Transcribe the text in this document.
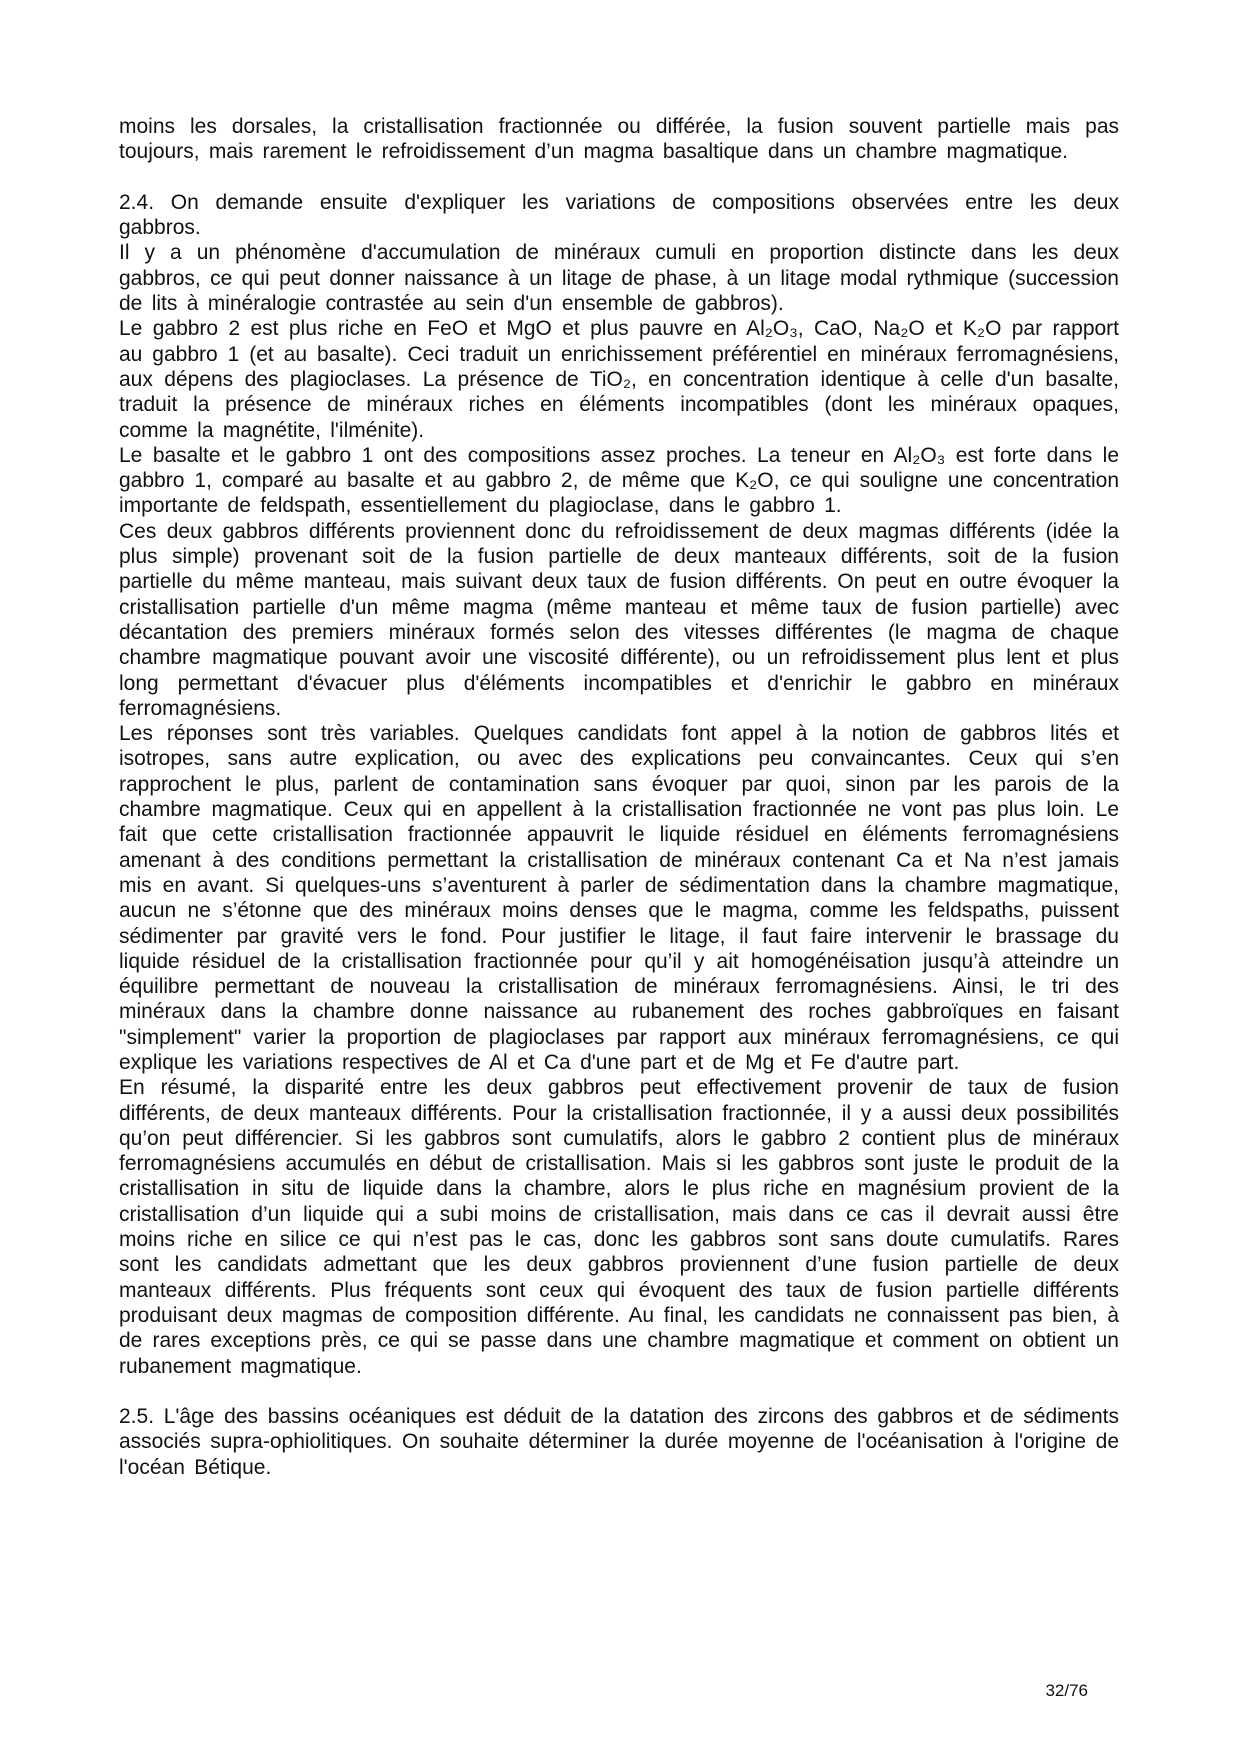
moins les dorsales, la cristallisation fractionnée ou différée, la fusion souvent partielle mais pas toujours, mais rarement le refroidissement d’un magma basaltique dans un chambre magmatique.

2.4. On demande ensuite d'expliquer les variations de compositions observées entre les deux gabbros.

Il y a un phénomène d'accumulation de minéraux cumuli en proportion distincte dans les deux gabbros, ce qui peut donner naissance à un litage de phase, à un litage modal rythmique (succession de lits à minéralogie contrastée au sein d'un ensemble de gabbros).

Le gabbro 2 est plus riche en FeO et MgO et plus pauvre en Al₂O₃, CaO, Na₂O et K₂O par rapport au gabbro 1 (et au basalte). Ceci traduit un enrichissement préférentiel en minéraux ferromagnésiens, aux dépens des plagioclases. La présence de TiO₂, en concentration identique à celle d'un basalte, traduit la présence de minéraux riches en éléments incompatibles (dont les minéraux opaques, comme la magnétite, l'ilménite).

Le basalte et le gabbro 1 ont des compositions assez proches. La teneur en Al₂O₃ est forte dans le gabbro 1, comparé au basalte et au gabbro 2, de même que K₂O, ce qui souligne une concentration importante de feldspath, essentiellement du plagioclase, dans le gabbro 1.

Ces deux gabbros différents proviennent donc du refroidissement de deux magmas différents (idée la plus simple) provenant soit de la fusion partielle de deux manteaux différents, soit de la fusion partielle du même manteau, mais suivant deux taux de fusion différents. On peut en outre évoquer la cristallisation partielle d'un même magma (même manteau et même taux de fusion partielle) avec décantation des premiers minéraux formés selon des vitesses différentes (le magma de chaque chambre magmatique pouvant avoir une viscosité différente), ou un refroidissement plus lent et plus long permettant d'évacuer plus d'éléments incompatibles et d'enrichir le gabbro en minéraux ferromagnésiens.

Les réponses sont très variables. Quelques candidats font appel à la notion de gabbros lités et isotropes, sans autre explication, ou avec des explications peu convaincantes. Ceux qui s’en rapprochent le plus, parlent de contamination sans évoquer par quoi, sinon par les parois de la chambre magmatique. Ceux qui en appellent à la cristallisation fractionnée ne vont pas plus loin. Le fait que cette cristallisation fractionnée appauvrit le liquide résiduel en éléments ferromagnésiens amenant à des conditions permettant la cristallisation de minéraux contenant Ca et Na n’est jamais mis en avant. Si quelques-uns s’aventurent à parler de sédimentation dans la chambre magmatique, aucun ne s’étonne que des minéraux moins denses que le magma, comme les feldspaths, puissent sédimenter par gravité vers le fond. Pour justifier le litage, il faut faire intervenir le brassage du liquide résiduel de la cristallisation fractionnée pour qu’il y ait homogénéisation jusqu’à atteindre un équilibre permettant de nouveau la cristallisation de minéraux ferromagnésiens. Ainsi, le tri des minéraux dans la chambre donne naissance au rubanement des roches gabbroïques en faisant "simplement" varier la proportion de plagioclases par rapport aux minéraux ferromagnésiens, ce qui explique les variations respectives de Al et Ca d'une part et de Mg et Fe d'autre part.

En résumé, la disparité entre les deux gabbros peut effectivement provenir de taux de fusion différents, de deux manteaux différents. Pour la cristallisation fractionnée, il y a aussi deux possibilités qu’on peut différencier. Si les gabbros sont cumulatifs, alors le gabbro 2 contient plus de minéraux ferromagnésiens accumulés en début de cristallisation. Mais si les gabbros sont juste le produit de la cristallisation in situ de liquide dans la chambre, alors le plus riche en magnésium provient de la cristallisation d’un liquide qui a subi moins de cristallisation, mais dans ce cas il devrait aussi être moins riche en silice ce qui n’est pas le cas, donc les gabbros sont sans doute cumulatifs. Rares sont les candidats admettant que les deux gabbros proviennent d’une fusion partielle de deux manteaux différents. Plus fréquents sont ceux qui évoquent des taux de fusion partielle différents produisant deux magmas de composition différente. Au final, les candidats ne connaissent pas bien, à de rares exceptions près, ce qui se passe dans une chambre magmatique et comment on obtient un rubanement magmatique.

2.5. L'âge des bassins océaniques est déduit de la datation des zircons des gabbros et de sédiments associés supra-ophiolitiques. On souhaite déterminer la durée moyenne de l'océanisation à l'origine de l'océan Bétique.

32/76
